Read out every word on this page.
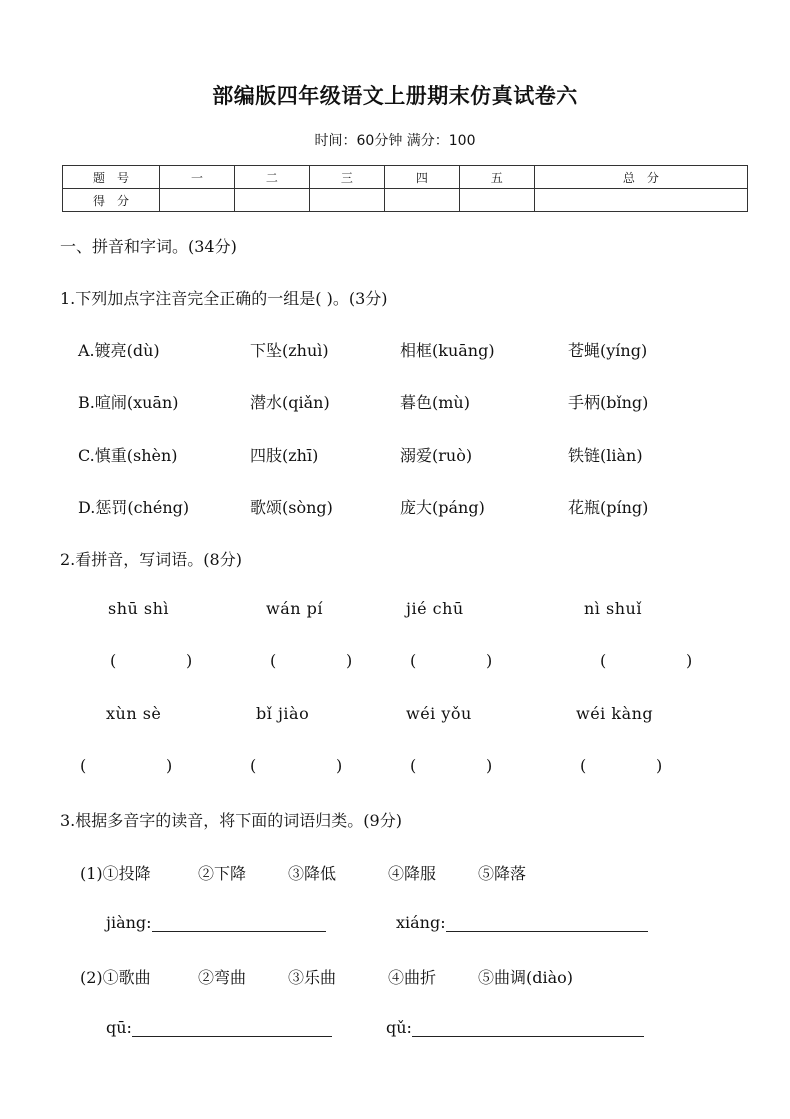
部编版四年级语文上册期末仿真试卷六
时间：60分钟 满分：100
题　号	一	二	三	四	五	总　分
得　分						
一、拼音和字词。(34分)
1.下列加点字注音完全正确的一组是( )。(3分)
A.镀亮(dù)	下坠(zhuì)	相框(kuāng)	苍蝇(yíng)
B.喧闹(xuān)	潜水(qiǎn)	暮色(mù)	手柄(bǐng)
C.慎重(shèn)	四肢(zhī)	溺爱(ruò)	铁链(liàn)
D.惩罚(chéng)	歌颂(sòng)	庞大(páng)	花瓶(píng)
2.看拼音，写词语。(8分)
shū shì	wán pí	jié chū	nì shuǐ
(	)	(	)	(	)	(	)
xùn sè	bǐ jiào	wéi yǒu	wéi kàng
(	)	(	)	(	)	(	)
3.根据多音字的读音，将下面的词语归类。(9分)
(1)①投降	②下降	③降低	④降服	⑤降落
jiàng:	xiáng:
(2)①歌曲	②弯曲	③乐曲	④曲折	⑤曲调(diào)
qū:	qǔ:
